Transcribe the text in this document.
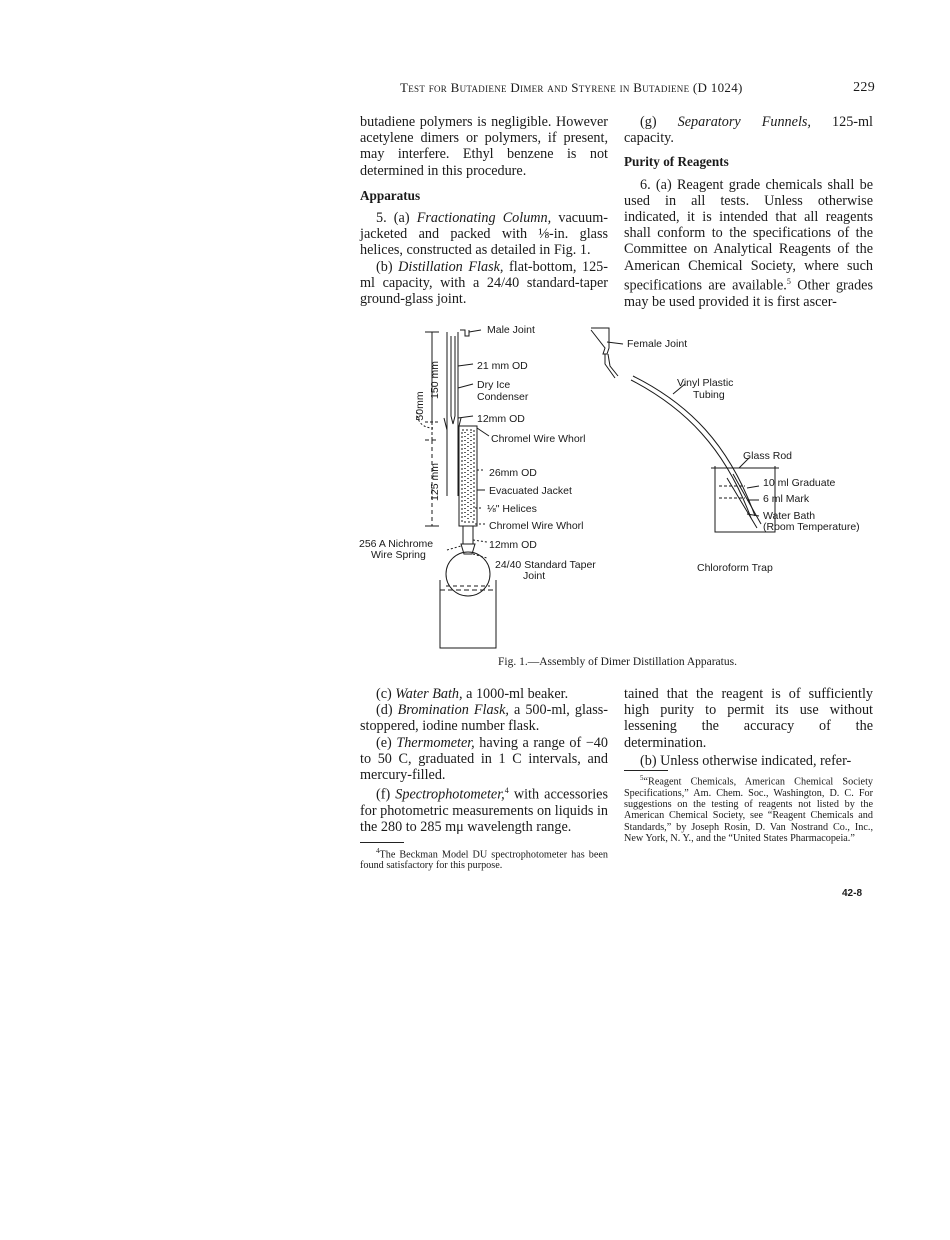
Test for Butadiene Dimer and Styrene in Butadiene (D 1024)	229

butadiene polymers is negligible. However acetylene dimers or polymers, if present, may interfere. Ethyl benzene is not determined in this procedure.

Apparatus

5. (a) Fractionating Column, vacuum-jacketed and packed with ⅛-in. glass helices, constructed as detailed in Fig. 1.

(b) Distillation Flask, flat-bottom, 125-ml capacity, with a 24/40 standard-taper ground-glass joint.

(g) Separatory Funnels, 125-ml capacity.

Purity of Reagents

6. (a) Reagent grade chemicals shall be used in all tests. Unless otherwise indicated, it is intended that all reagents shall conform to the specifications of the Committee on Analytical Reagents of the American Chemical Society, where such specifications are available.$^5$ Other grades may be used provided it is first ascer-

Male Joint
21 mm OD
Dry Ice
Condenser
12mm OD
Chromel Wire Whorl
26mm OD
Evacuated Jacket
⅛" Helices
Chromel Wire Whorl
12mm OD
24/40 Standard Taper
Joint
256 A Nichrome
Wire Spring
150 mm
50mm
125 mm
Female Joint
Vinyl Plastic
Tubing
Glass Rod
10 ml Graduate
6 ml Mark
Water Bath
(Room Temperature)
Chloroform Trap
Fig. 1.—Assembly of Dimer Distillation Apparatus.

(c) Water Bath, a 1000-ml beaker.

(d) Bromination Flask, a 500-ml, glass-stoppered, iodine number flask.

(e) Thermometer, having a range of −40 to 50 C, graduated in 1 C intervals, and mercury-filled.

(f) Spectrophotometer,$^4$ with accessories for photometric measurements on liquids in the 280 to 285 mμ wavelength range.

$^4$The Beckman Model DU spectrophotometer has been found satisfactory for this purpose.

tained that the reagent is of sufficiently high purity to permit its use without lessening the accuracy of the determination.

(b) Unless otherwise indicated, refer-

$^5$“Reagent Chemicals, American Chemical Society Specifications,” Am. Chem. Soc., Washington, D. C. For suggestions on the testing of reagents not listed by the American Chemical Society, see “Reagent Chemicals and Standards,” by Joseph Rosin, D. Van Nostrand Co., Inc., New York, N. Y., and the “United States Pharmacopeia.”

42-8
